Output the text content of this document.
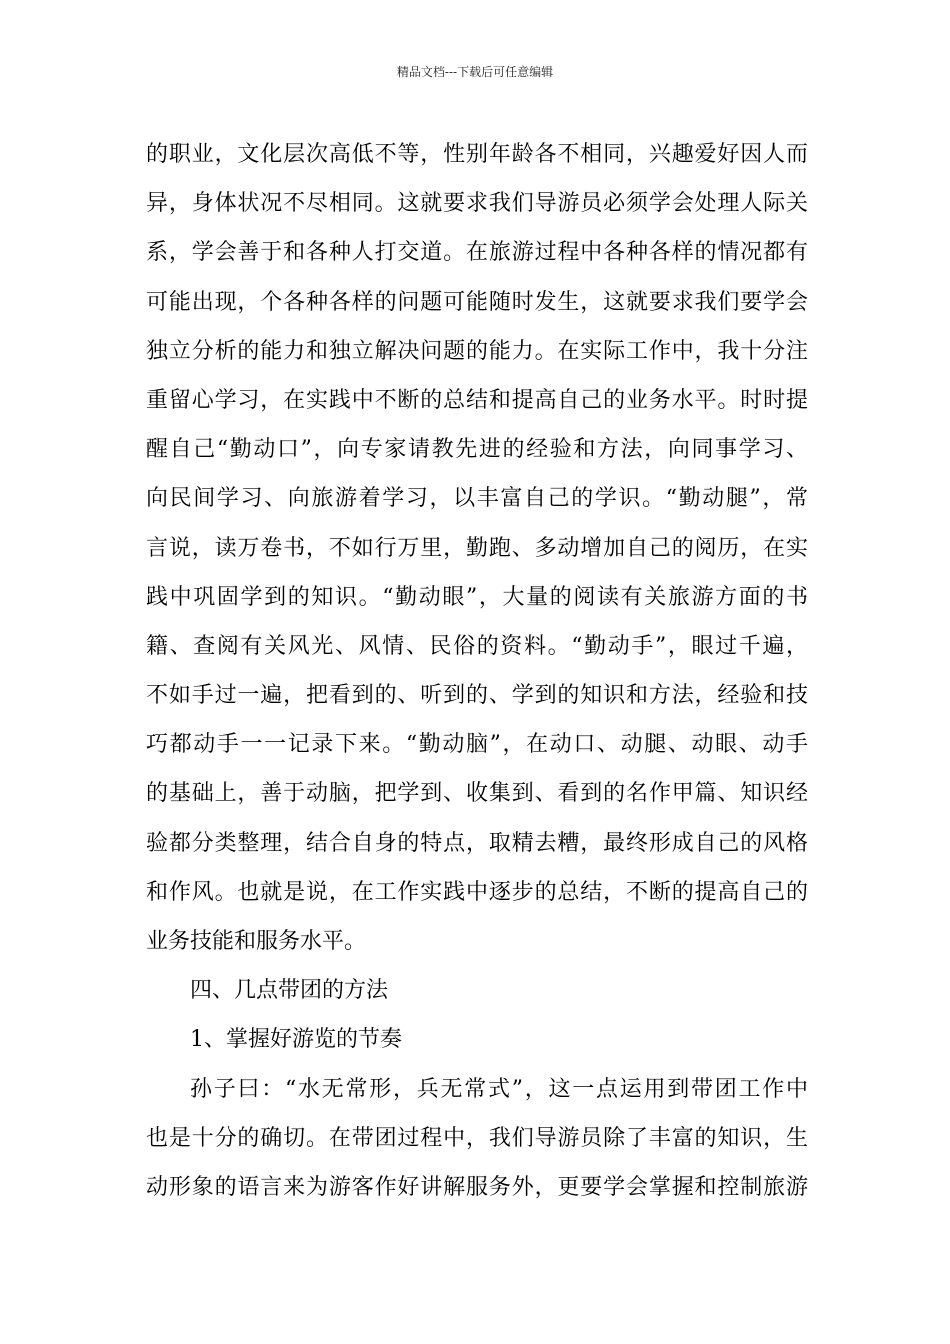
精品文档---下载后可任意编辑
的职业，文化层次高低不等，性别年龄各不相同，兴趣爱好因人而
异，身体状况不尽相同。这就要求我们导游员必须学会处理人际关
系，学会善于和各种人打交道。在旅游过程中各种各样的情况都有
可能出现，个各种各样的问题可能随时发生，这就要求我们要学会
独立分析的能力和独立解决问题的能力。在实际工作中，我十分注
重留心学习，在实践中不断的总结和提高自己的业务水平。时时提
醒自己“勤动口”，向专家请教先进的经验和方法，向同事学习、
向民间学习、向旅游着学习，以丰富自己的学识。“勤动腿”，常
言说，读万卷书，不如行万里，勤跑、多动增加自己的阅历，在实
践中巩固学到的知识。“勤动眼”，大量的阅读有关旅游方面的书
籍、查阅有关风光、风情、民俗的资料。“勤动手”，眼过千遍，
不如手过一遍，把看到的、听到的、学到的知识和方法，经验和技
巧都动手一一记录下来。“勤动脑”，在动口、动腿、动眼、动手
的基础上，善于动脑，把学到、收集到、看到的名作甲篇、知识经
验都分类整理，结合自身的特点，取精去糟，最终形成自己的风格
和作风。也就是说，在工作实践中逐步的总结，不断的提高自己的
业务技能和服务水平。
四、几点带团的方法
1、掌握好游览的节奏
孙子曰：“水无常形，兵无常式”，这一点运用到带团工作中
也是十分的确切。在带团过程中，我们导游员除了丰富的知识，生
动形象的语言来为游客作好讲解服务外，更要学会掌握和控制旅游
